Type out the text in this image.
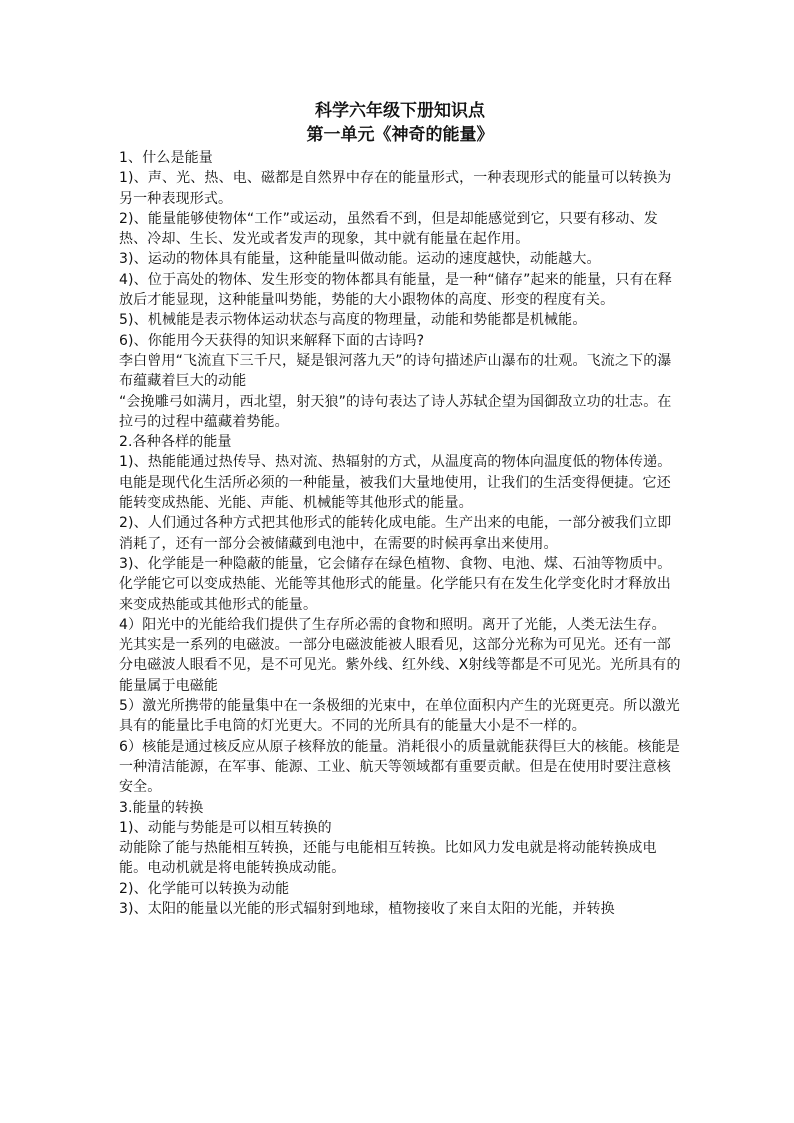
科学六年级下册知识点
第一单元《神奇的能量》

1、什么是能量

1)、声、光、热、电、磁都是自然界中存在的能量形式，一种表现形式的能量可以转换为另一种表现形式。

2)、能量能够使物体“工作”或运动，虽然看不到，但是却能感觉到它，只要有移动、发热、冷却、生长、发光或者发声的现象，其中就有能量在起作用。

3)、运动的物体具有能量，这种能量叫做动能。运动的速度越快，动能越大。

4)、位于高处的物体、发生形变的物体都具有能量，是一种“储存”起来的能量，只有在释放后才能显现，这种能量叫势能，势能的大小跟物体的高度、形变的程度有关。

5)、机械能是表示物体运动状态与高度的物理量，动能和势能都是机械能。

6)、你能用今天获得的知识来解释下面的古诗吗?

李白曾用“飞流直下三千尺，疑是银河落九天”的诗句描述庐山瀑布的壮观。飞流之下的瀑布蕴藏着巨大的动能

“会挽雕弓如满月，西北望，射天狼”的诗句表达了诗人苏轼企望为国御敌立功的壮志。在拉弓的过程中蕴藏着势能。

2.各种各样的能量

1)、热能能通过热传导、热对流、热辐射的方式，从温度高的物体向温度低的物体传递。

电能是现代化生活所必须的一种能量，被我们大量地使用，让我们的生活变得便捷。它还能转变成热能、光能、声能、机械能等其他形式的能量。

2)、人们通过各种方式把其他形式的能转化成电能。生产出来的电能，一部分被我们立即消耗了，还有一部分会被储藏到电池中，在需要的时候再拿出来使用。

3)、化学能是一种隐蔽的能量，它会储存在绿色植物、食物、电池、煤、石油等物质中。化学能它可以变成热能、光能等其他形式的能量。化学能只有在发生化学变化时才释放出来变成热能或其他形式的能量。

4）阳光中的光能给我们提供了生存所必需的食物和照明。离开了光能，人类无法生存。

光其实是一系列的电磁波。一部分电磁波能被人眼看见，这部分光称为可见光。还有一部分电磁波人眼看不见，是不可见光。紫外线、红外线、X射线等都是不可见光。光所具有的能量属于电磁能

5）激光所携带的能量集中在一条极细的光束中，在单位面积内产生的光斑更亮。所以激光具有的能量比手电筒的灯光更大。不同的光所具有的能量大小是不一样的。

6）核能是通过核反应从原子核释放的能量。消耗很小的质量就能获得巨大的核能。核能是一种清洁能源，在军事、能源、工业、航天等领域都有重要贡献。但是在使用时要注意核安全。

3.能量的转换

1)、动能与势能是可以相互转换的

动能除了能与热能相互转换，还能与电能相互转换。比如风力发电就是将动能转换成电能。电动机就是将电能转换成动能。

2)、化学能可以转换为动能

3)、太阳的能量以光能的形式辐射到地球，植物接收了来自太阳的光能，并转换
